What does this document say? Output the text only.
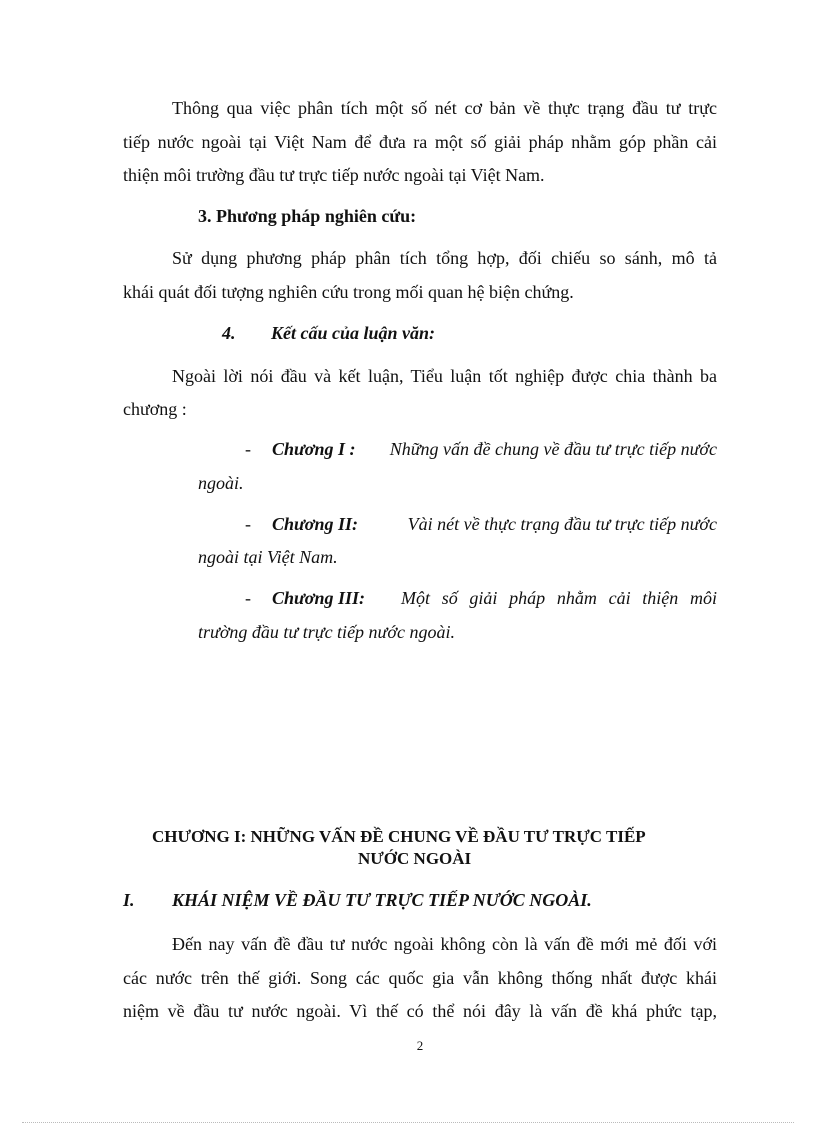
Thông qua việc phân tích một số nét cơ bản về thực trạng đầu tư trực
tiếp nước ngoài tại Việt Nam để đưa ra một số giải pháp nhằm góp phần cải
thiện môi trường đầu tư trực tiếp nước ngoài tại Việt Nam.
3. Phương pháp nghiên cứu:
Sử dụng phương pháp phân tích tổng hợp, đối chiếu so sánh, mô tả
khái quát đối tượng nghiên cứu trong mối quan hệ biện chứng.
4. Kết cấu của luận văn:
Ngoài lời nói đầu và kết luận, Tiểu luận tốt nghiệp được chia thành ba
chương :
- Chương I :	Những vấn đề chung về đầu tư trực tiếp nước
ngoài.
- Chương II:	Vài nét về thực trạng đầu tư trực tiếp nước
ngoài tại Việt Nam.
- Chương III: Một số giải pháp nhằm cải thiện môi
trường đầu tư trực tiếp nước ngoài.
CHƯƠNG I: NHỮNG VẤN ĐỀ CHUNG VỀ ĐẦU TƯ TRỰC TIẾP
NƯỚC NGOÀI
I. KHÁI NIỆM VỀ ĐẦU TƯ TRỰC TIẾP NƯỚC NGOÀI.
Đến nay vấn đề đầu tư nước ngoài không còn là vấn đề mới mẻ đối với
các nước trên thế giới. Song các quốc gia vẫn không thống nhất được khái
niệm về đầu tư nước ngoài. Vì thế có thể nói đây là vấn đề khá phức tạp,
2
